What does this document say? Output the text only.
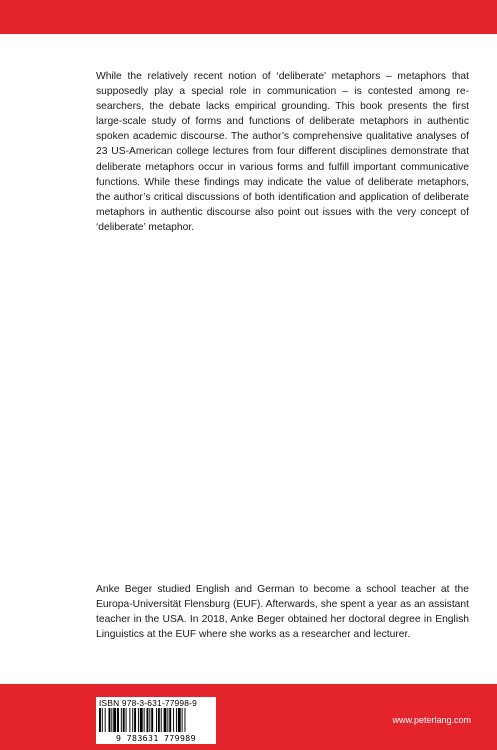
While the relatively recent notion of ‘deliberate’ metaphors – metaphors that supposedly play a special role in communication – is contested among researchers, the debate lacks empirical grounding. This book presents the first large-scale study of forms and functions of deliberate metaphors in authentic spoken academic discourse. The author’s comprehensive qualitative analyses of 23 US-American college lectures from four different disciplines demonstrate that deliberate metaphors occur in various forms and fulfill important communicative functions. While these findings may indicate the value of deliberate metaphors, the author’s critical discussions of both identification and application of deliberate metaphors in authentic discourse also point out issues with the very concept of ‘deliberate’ metaphor.

Anke Beger studied English and German to become a school teacher at the Europa-Universität Flensburg (EUF). Afterwards, she spent a year as an assistant teacher in the USA. In 2018, Anke Beger obtained her doctoral degree in English Linguistics at the EUF where she works as a researcher and lecturer.

ISBN 978-3-631-77998-9
9 783631 779989
www.peterlang.com
